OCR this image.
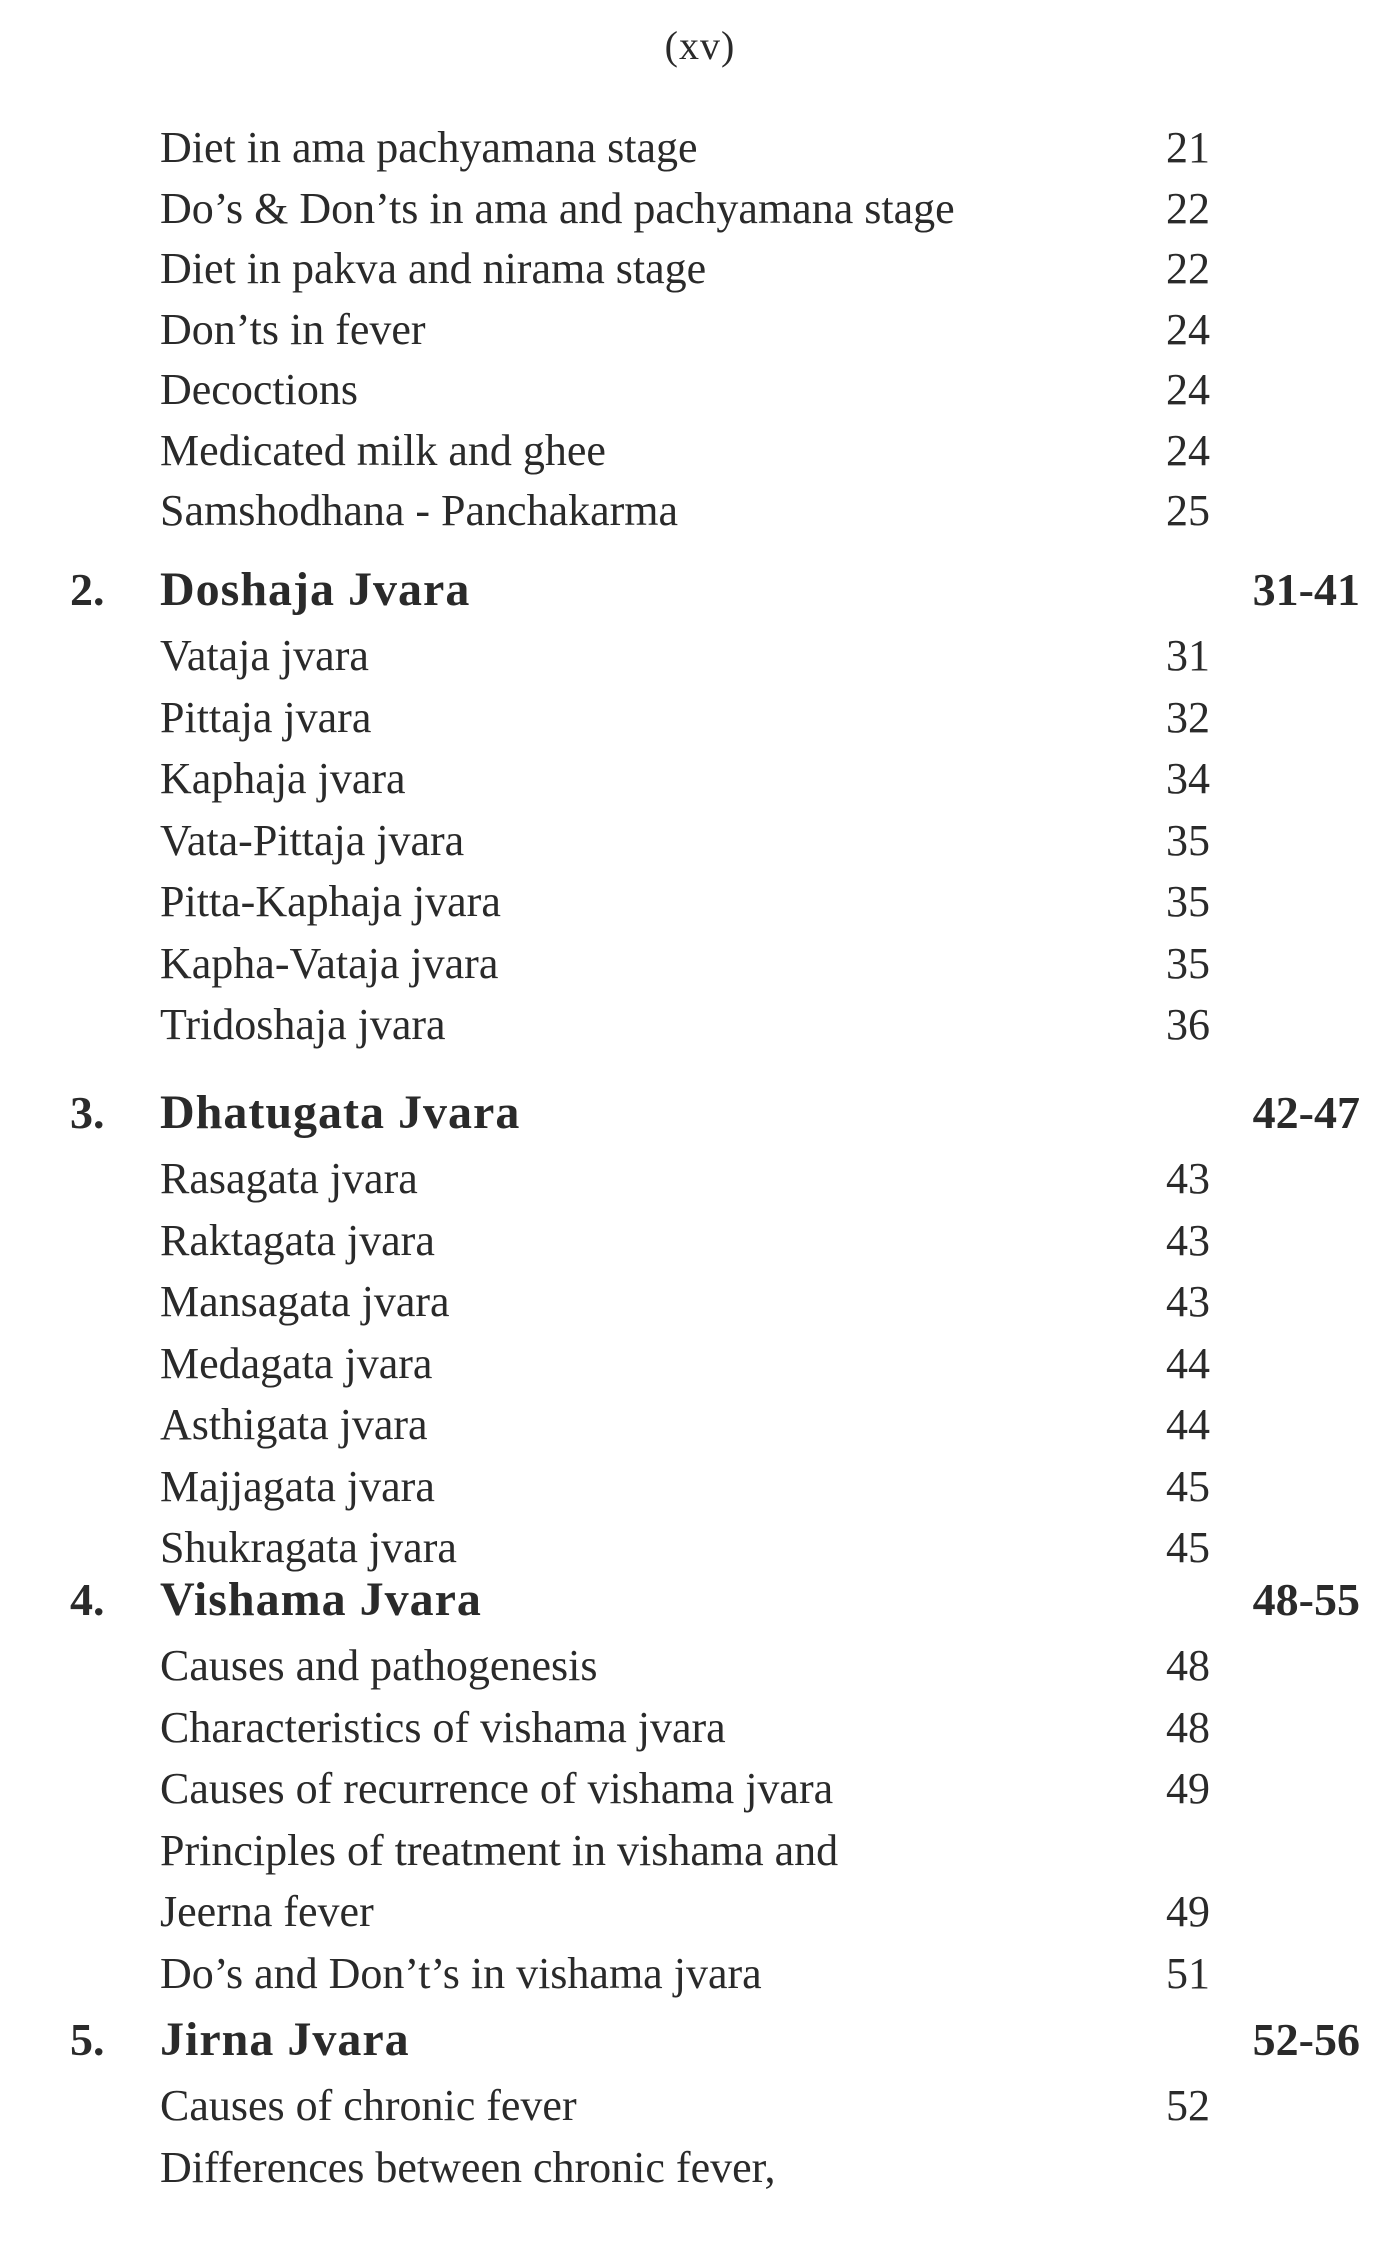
(xv)
Diet in ama pachyamana stage	21
Do’s & Don’ts in ama and pachyamana stage	22
Diet in pakva and nirama stage	22
Don’ts in fever	24
Decoctions	24
Medicated milk and ghee	24
Samshodhana - Panchakarma	25
2. Doshaja Jvara	31-41
Vataja jvara	31
Pittaja jvara	32
Kaphaja jvara	34
Vata-Pittaja jvara	35
Pitta-Kaphaja jvara	35
Kapha-Vataja jvara	35
Tridoshaja jvara	36
3. Dhatugata Jvara	42-47
Rasagata jvara	43
Raktagata jvara	43
Mansagata jvara	43
Medagata jvara	44
Asthigata jvara	44
Majjagata jvara	45
Shukragata jvara	45
4. Vishama Jvara	48-55
Causes and pathogenesis	48
Characteristics of vishama jvara	48
Causes of recurrence of vishama jvara	49
Principles of treatment in vishama and
Jeerna fever	49
Do’s and Don’t’s in vishama jvara	51
5. Jirna Jvara	52-56
Causes of chronic fever	52
Differences between chronic fever,
